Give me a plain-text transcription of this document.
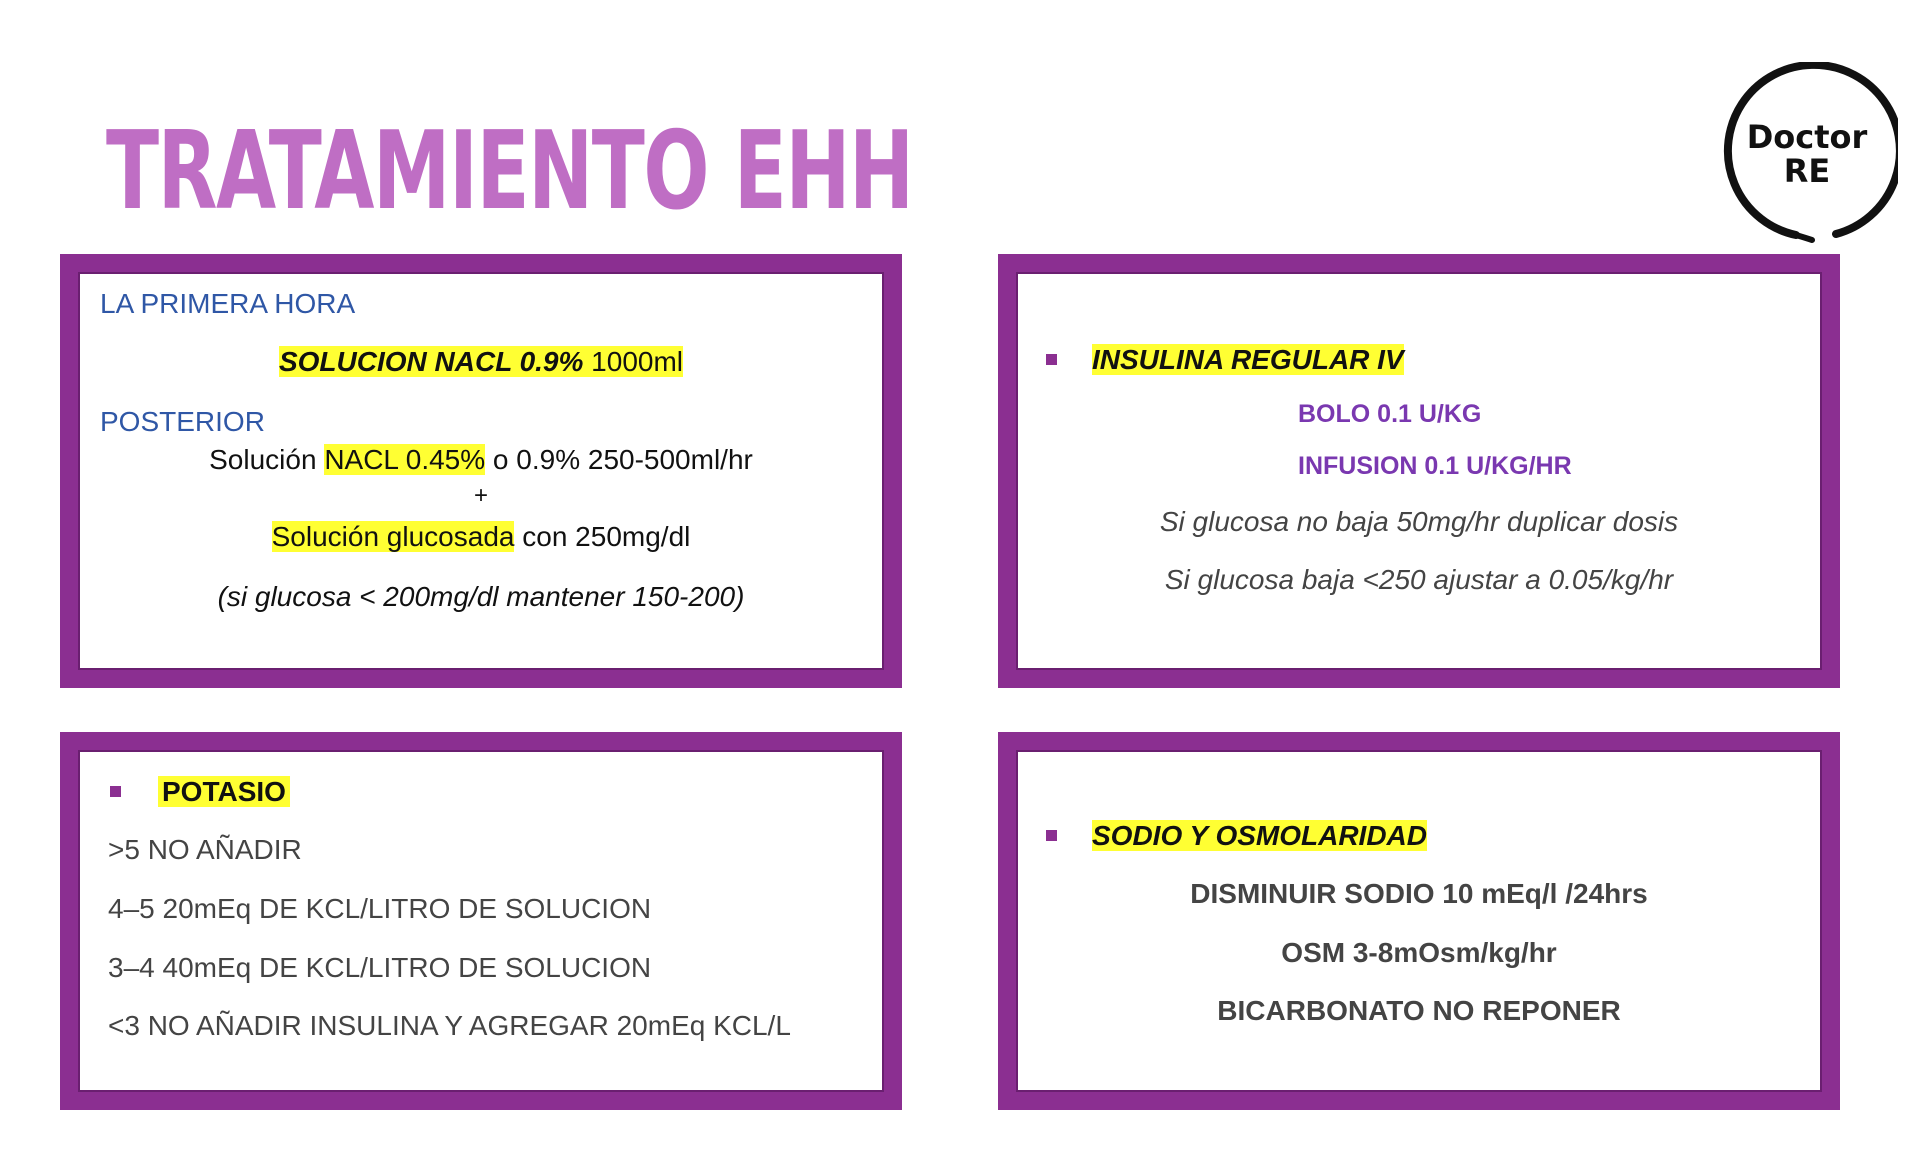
TRATAMIENTO EHH	Doctor
RE
LA PRIMERA HORA
SOLUCION NACL 0.9% 1000ml
POSTERIOR
Solución NACL 0.45% o 0.9% 250-500ml/hr
+
Solución glucosada con 250mg/dl
(si glucosa < 200mg/dl mantener 150-200)
INSULINA REGULAR IV
BOLO 0.1 U/KG
INFUSION 0.1 U/KG/HR
Si glucosa no baja 50mg/hr duplicar dosis
Si glucosa baja <250 ajustar a 0.05/kg/hr
POTASIO
>5 NO AÑADIR
4–5 20mEq DE KCL/LITRO DE SOLUCION
3–4 40mEq DE KCL/LITRO DE SOLUCION
<3 NO AÑADIR INSULINA Y AGREGAR 20mEq KCL/L
SODIO Y OSMOLARIDAD
DISMINUIR SODIO 10 mEq/l /24hrs
OSM 3-8mOsm/kg/hr
BICARBONATO NO REPONER
